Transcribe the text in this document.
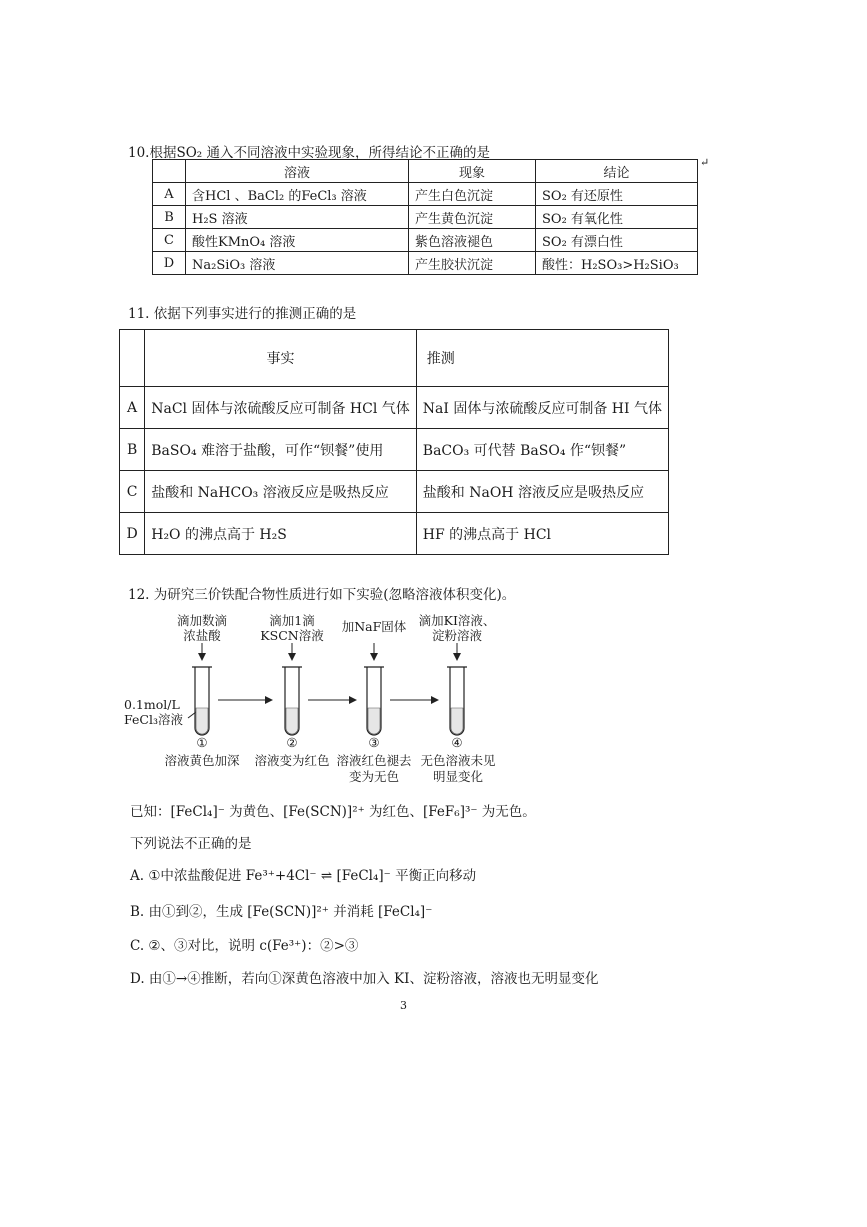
10.根据SO₂ 通入不同溶液中实验现象，所得结论不正确的是
↵
	溶液	现象	结论
A	含HCl 、BaCl₂ 的FeCl₃ 溶液	产生白色沉淀	SO₂ 有还原性
B	H₂S 溶液	产生黄色沉淀	SO₂ 有氧化性
C	酸性KMnO₄ 溶液	紫色溶液褪色	SO₂ 有漂白性
D	Na₂SiO₃ 溶液	产生胶状沉淀	酸性：H₂SO₃>H₂SiO₃
11. 依据下列事实进行的推测正确的是
	事实	推测
A	NaCl 固体与浓硫酸反应可制备 HCl 气体	NaI 固体与浓硫酸反应可制备 HI 气体
B	BaSO₄ 难溶于盐酸，可作“钡餐”使用	BaCO₃ 可代替 BaSO₄ 作“钡餐”
C	盐酸和 NaHCO₃ 溶液反应是吸热反应	盐酸和 NaOH 溶液反应是吸热反应
D	H₂O 的沸点高于 H₂S	HF 的沸点高于 HCl
12. 为研究三价铁配合物性质进行如下实验(忽略溶液体积变化)。
滴加数滴
浓盐酸
滴加1滴
KSCN溶液
加NaF固体 滴加KI溶液、
淀粉溶液
0.1mol/L
FeCl₃溶液
①	②	③	④
溶液黄色加深	溶液变为红色 溶液红色褪去
变为无色
无色溶液未见
明显变化
已知：[FeCl₄]⁻ 为黄色、[Fe(SCN)]²⁺ 为红色、[FeF₆]³⁻ 为无色。
下列说法不正确的是
A. ①中浓盐酸促进 Fe³⁺+4Cl⁻ ⇌ [FeCl₄]⁻ 平衡正向移动
B. 由①到②，生成 [Fe(SCN)]²⁺ 并消耗 [FeCl₄]⁻
C. ②、③对比，说明 c(Fe³⁺)：②>③
D. 由①→④推断，若向①深黄色溶液中加入 KI、淀粉溶液，溶液也无明显变化
3
